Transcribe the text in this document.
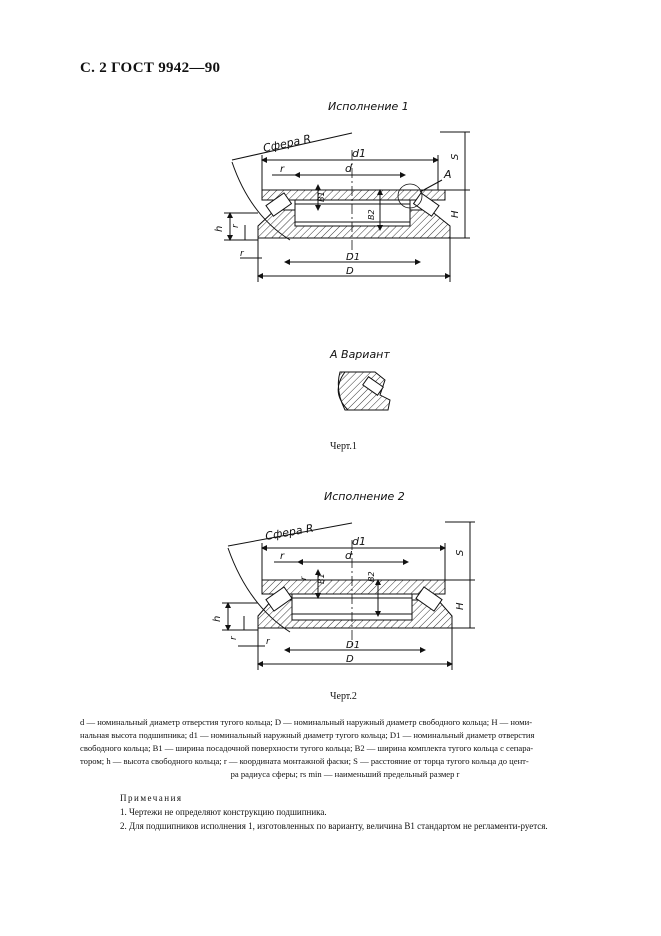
С. 2 ГОСТ 9942—90
Исполнение 1
Сфера R	d1
d
r
B1
B2
S
H
h r
r	D1
D
A
А Вариант
Черт.1
Исполнение 2
Сфера R	d1
d
r
r B1	B2
S
H
h
r	r	D1
D
Черт.2
d — номинальный диаметр отверстия тугого кольца; D — номинальный наружный диаметр свободного кольца; H — номи-
нальная высота подшипника; d1 — номинальный наружный диаметр тугого кольца; D1 — номинальный диаметр отверстия
свободного кольца; B1 — ширина посадочной поверхности тугого кольца; B2 — ширина комплекта тугого кольца с сепара-
тором; h — высота свободного кольца; r — координата монтажной фаски; S — расстояние от торца тугого кольца до цент-
ра радиуса сферы; rs min — наименьший предельный размер r
Примечания
1. Чертежи не определяют конструкцию подшипника.
2. Для подшипников исполнения 1, изготовленных по варианту, величина B1 стандартом не регламенти-руется.
